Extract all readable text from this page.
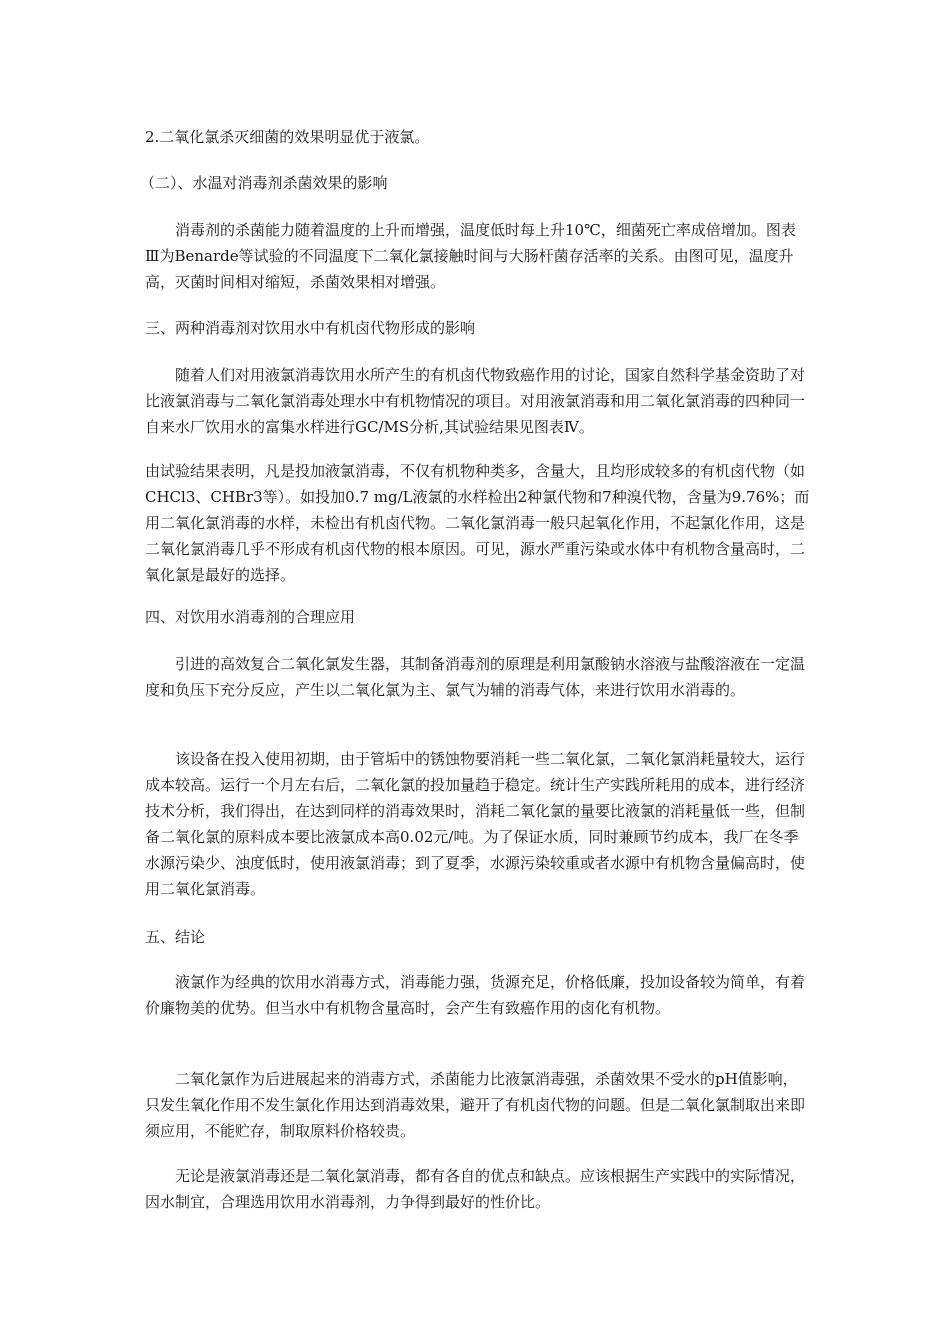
2.二氧化氯杀灭细菌的效果明显优于液氯。

（二）、水温对消毒剂杀菌效果的影响

消毒剂的杀菌能力随着温度的上升而增强，温度低时每上升10℃，细菌死亡率成倍增加。图表Ⅲ为Benarde等试验的不同温度下二氧化氯接触时间与大肠杆菌存活率的关系。由图可见，温度升高，灭菌时间相对缩短，杀菌效果相对增强。

三、两种消毒剂对饮用水中有机卤代物形成的影响

随着人们对用液氯消毒饮用水所产生的有机卤代物致癌作用的讨论，国家自然科学基金资助了对比液氯消毒与二氧化氯消毒处理水中有机物情况的项目。对用液氯消毒和用二氧化氯消毒的四种同一自来水厂饮用水的富集水样进行GC/MS分析,其试验结果见图表Ⅳ。

由试验结果表明，凡是投加液氯消毒，不仅有机物种类多，含量大，且均形成较多的有机卤代物（如CHCl3、CHBr3等）。如投加0.7 mg/L液氯的水样检出2种氯代物和7种溴代物，含量为9.76%；而用二氧化氯消毒的水样，未检出有机卤代物。二氧化氯消毒一般只起氧化作用，不起氯化作用，这是二氧化氯消毒几乎不形成有机卤代物的根本原因。可见，源水严重污染或水体中有机物含量高时，二氧化氯是最好的选择。

四、对饮用水消毒剂的合理应用

引进的高效复合二氧化氯发生器，其制备消毒剂的原理是利用氯酸钠水溶液与盐酸溶液在一定温度和负压下充分反应，产生以二氧化氯为主、氯气为辅的消毒气体，来进行饮用水消毒的。

该设备在投入使用初期，由于管垢中的锈蚀物要消耗一些二氧化氯，二氧化氯消耗量较大，运行成本较高。运行一个月左右后，二氧化氯的投加量趋于稳定。统计生产实践所耗用的成本，进行经济技术分析，我们得出，在达到同样的消毒效果时，消耗二氧化氯的量要比液氯的消耗量低一些，但制备二氧化氯的原料成本要比液氯成本高0.02元/吨。为了保证水质，同时兼顾节约成本，我厂在冬季水源污染少、浊度低时，使用液氯消毒；到了夏季，水源污染较重或者水源中有机物含量偏高时，使用二氧化氯消毒。

五、结论

液氯作为经典的饮用水消毒方式，消毒能力强，货源充足，价格低廉，投加设备较为简单，有着价廉物美的优势。但当水中有机物含量高时，会产生有致癌作用的卤化有机物。

二氧化氯作为后进展起来的消毒方式，杀菌能力比液氯消毒强，杀菌效果不受水的pH值影响，只发生氧化作用不发生氯化作用达到消毒效果，避开了有机卤代物的问题。但是二氧化氯制取出来即须应用，不能贮存，制取原料价格较贵。

无论是液氯消毒还是二氧化氯消毒，都有各自的优点和缺点。应该根据生产实践中的实际情况，因水制宜，合理选用饮用水消毒剂，力争得到最好的性价比。
